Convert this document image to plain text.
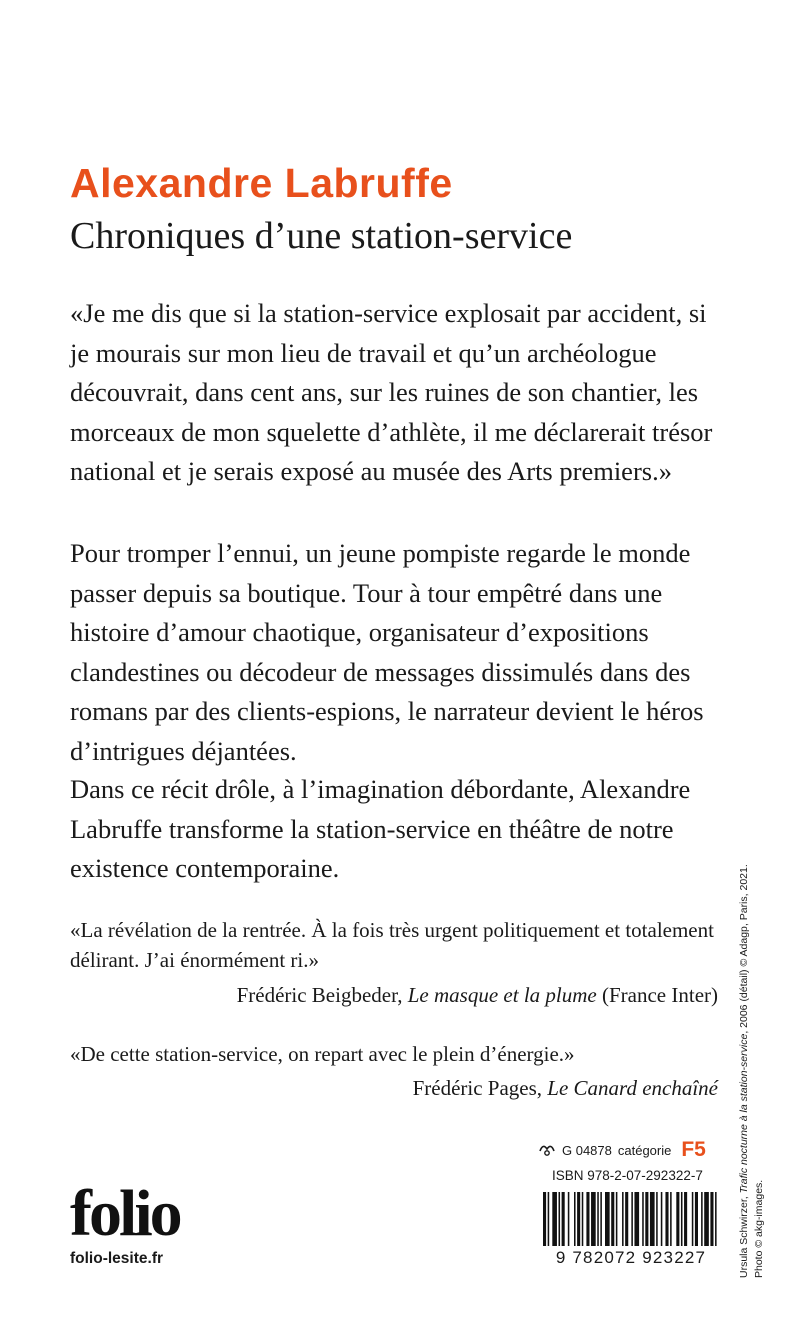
Alexandre Labruffe
Chroniques d’une station-service

«Je me dis que si la station-service explosait par accident, si je mourais sur mon lieu de travail et qu’un archéologue découvrait, dans cent ans, sur les ruines de son chantier, les morceaux de mon squelette d’athlète, il me déclarerait trésor national et je serais exposé au musée des Arts premiers.»

Pour tromper l’ennui, un jeune pompiste regarde le monde passer depuis sa boutique. Tour à tour empêtré dans une histoire d’amour chaotique, organisateur d’expositions clandestines ou décodeur de messages dissimulés dans des romans par des clients-espions, le narrateur devient le héros d’intrigues déjantées.

Dans ce récit drôle, à l’imagination débordante, Alexandre Labruffe transforme la station-service en théâtre de notre existence contemporaine.

«La révélation de la rentrée. À la fois très urgent politiquement et totalement délirant. J’ai énormément ri.»

Frédéric Beigbeder, Le masque et la plume (France Inter)

«De cette station-service, on repart avec le plein d’énergie.»

Frédéric Pages, Le Canard enchaîné
Ursula Schwirzer, Trafic nocturne à la station-service, 2006 (détail) © Adagp, Paris, 2021.
Photo © akg-images.
folio
folio-lesite.fr
G 04878 catégorie F5
ISBN 978-2-07-292322-7
9 782072 923227
